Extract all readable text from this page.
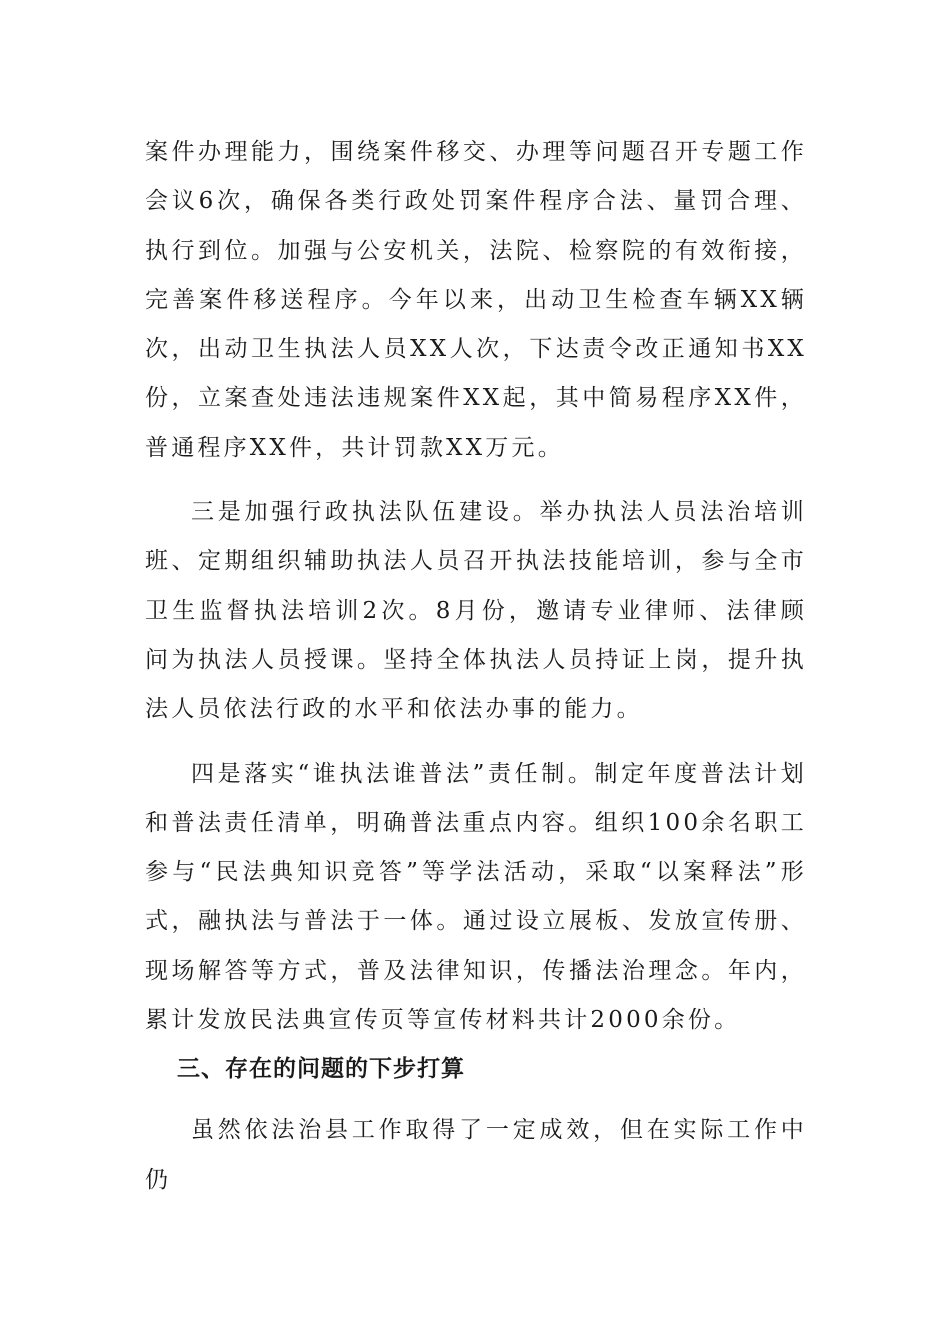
案件办理能力，围绕案件移交、办理等问题召开专题工作会议6次，确保各类行政处罚案件程序合法、量罚合理、执行到位。加强与公安机关，法院、检察院的有效衔接，完善案件移送程序。今年以来，出动卫生检查车辆XX辆次，出动卫生执法人员XX人次，下达责令改正通知书XX份，立案查处违法违规案件XX起，其中简易程序XX件，普通程序XX件，共计罚款XX万元。

三是加强行政执法队伍建设。举办执法人员法治培训班、定期组织辅助执法人员召开执法技能培训，参与全市卫生监督执法培训2次。8月份，邀请专业律师、法律顾问为执法人员授课。坚持全体执法人员持证上岗，提升执法人员依法行政的水平和依法办事的能力。

四是落实“谁执法谁普法”责任制。制定年度普法计划和普法责任清单，明确普法重点内容。组织100余名职工参与“民法典知识竞答”等学法活动，采取“以案释法”形式，融执法与普法于一体。通过设立展板、发放宣传册、现场解答等方式，普及法律知识，传播法治理念。年内，累计发放民法典宣传页等宣传材料共计2000余份。

三、存在的问题的下步打算

虽然依法治县工作取得了一定成效，但在实际工作中仍
